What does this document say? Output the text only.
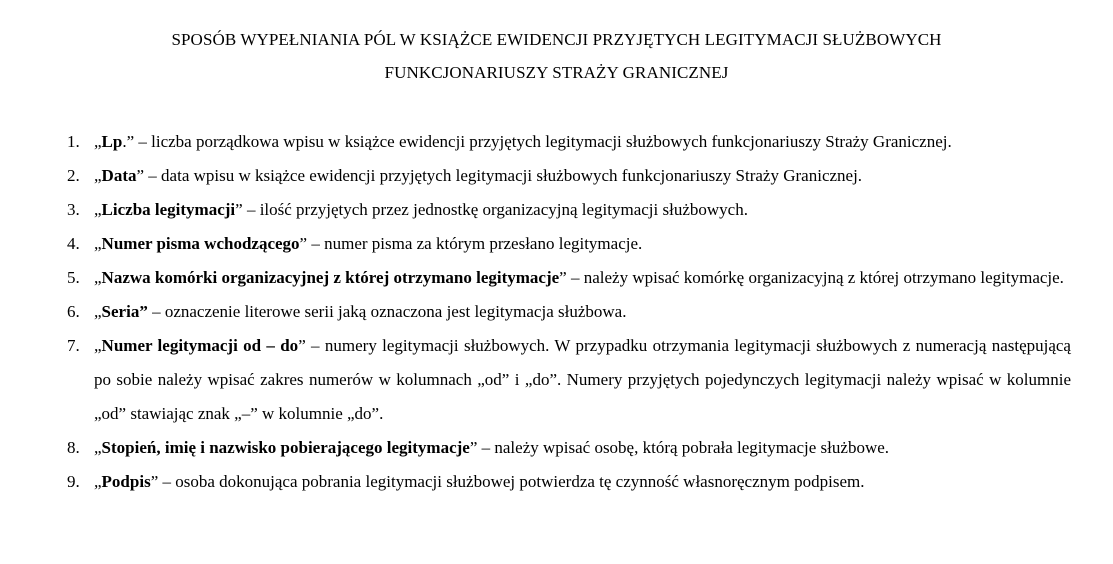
SPOSÓB WYPEŁNIANIA PÓL W KSIĄŻCE EWIDENCJI PRZYJĘTYCH LEGITYMACJI SŁUŻBOWYCH
FUNKCJONARIUSZY STRAŻY GRANICZNEJ
1. „Lp.” – liczba porządkowa wpisu w książce ewidencji przyjętych legitymacji służbowych funkcjonariuszy Straży Granicznej.
2. „Data” – data wpisu w książce ewidencji przyjętych legitymacji służbowych funkcjonariuszy Straży Granicznej.
3. „Liczba legitymacji” – ilość przyjętych przez jednostkę organizacyjną legitymacji służbowych.
4. „Numer pisma wchodzącego” – numer pisma za którym przesłano legitymacje.
5. „Nazwa komórki organizacyjnej z której otrzymano legitymacje” – należy wpisać komórkę organizacyjną z której otrzymano legitymacje.
6. „Seria” – oznaczenie literowe serii jaką oznaczona jest legitymacja służbowa.
7. „Numer legitymacji od – do” – numery legitymacji służbowych. W przypadku otrzymania legitymacji służbowych z numeracją następującą po sobie należy wpisać zakres numerów w kolumnach „od” i „do”. Numery przyjętych pojedynczych legitymacji należy wpisać w kolumnie „od” stawiając znak „–” w kolumnie „do”.
8. „Stopień, imię i nazwisko pobierającego legitymacje” – należy wpisać osobę, którą pobrała legitymacje służbowe.
9. „Podpis” – osoba dokonująca pobrania legitymacji służbowej potwierdza tę czynność własnoręcznym podpisem.
